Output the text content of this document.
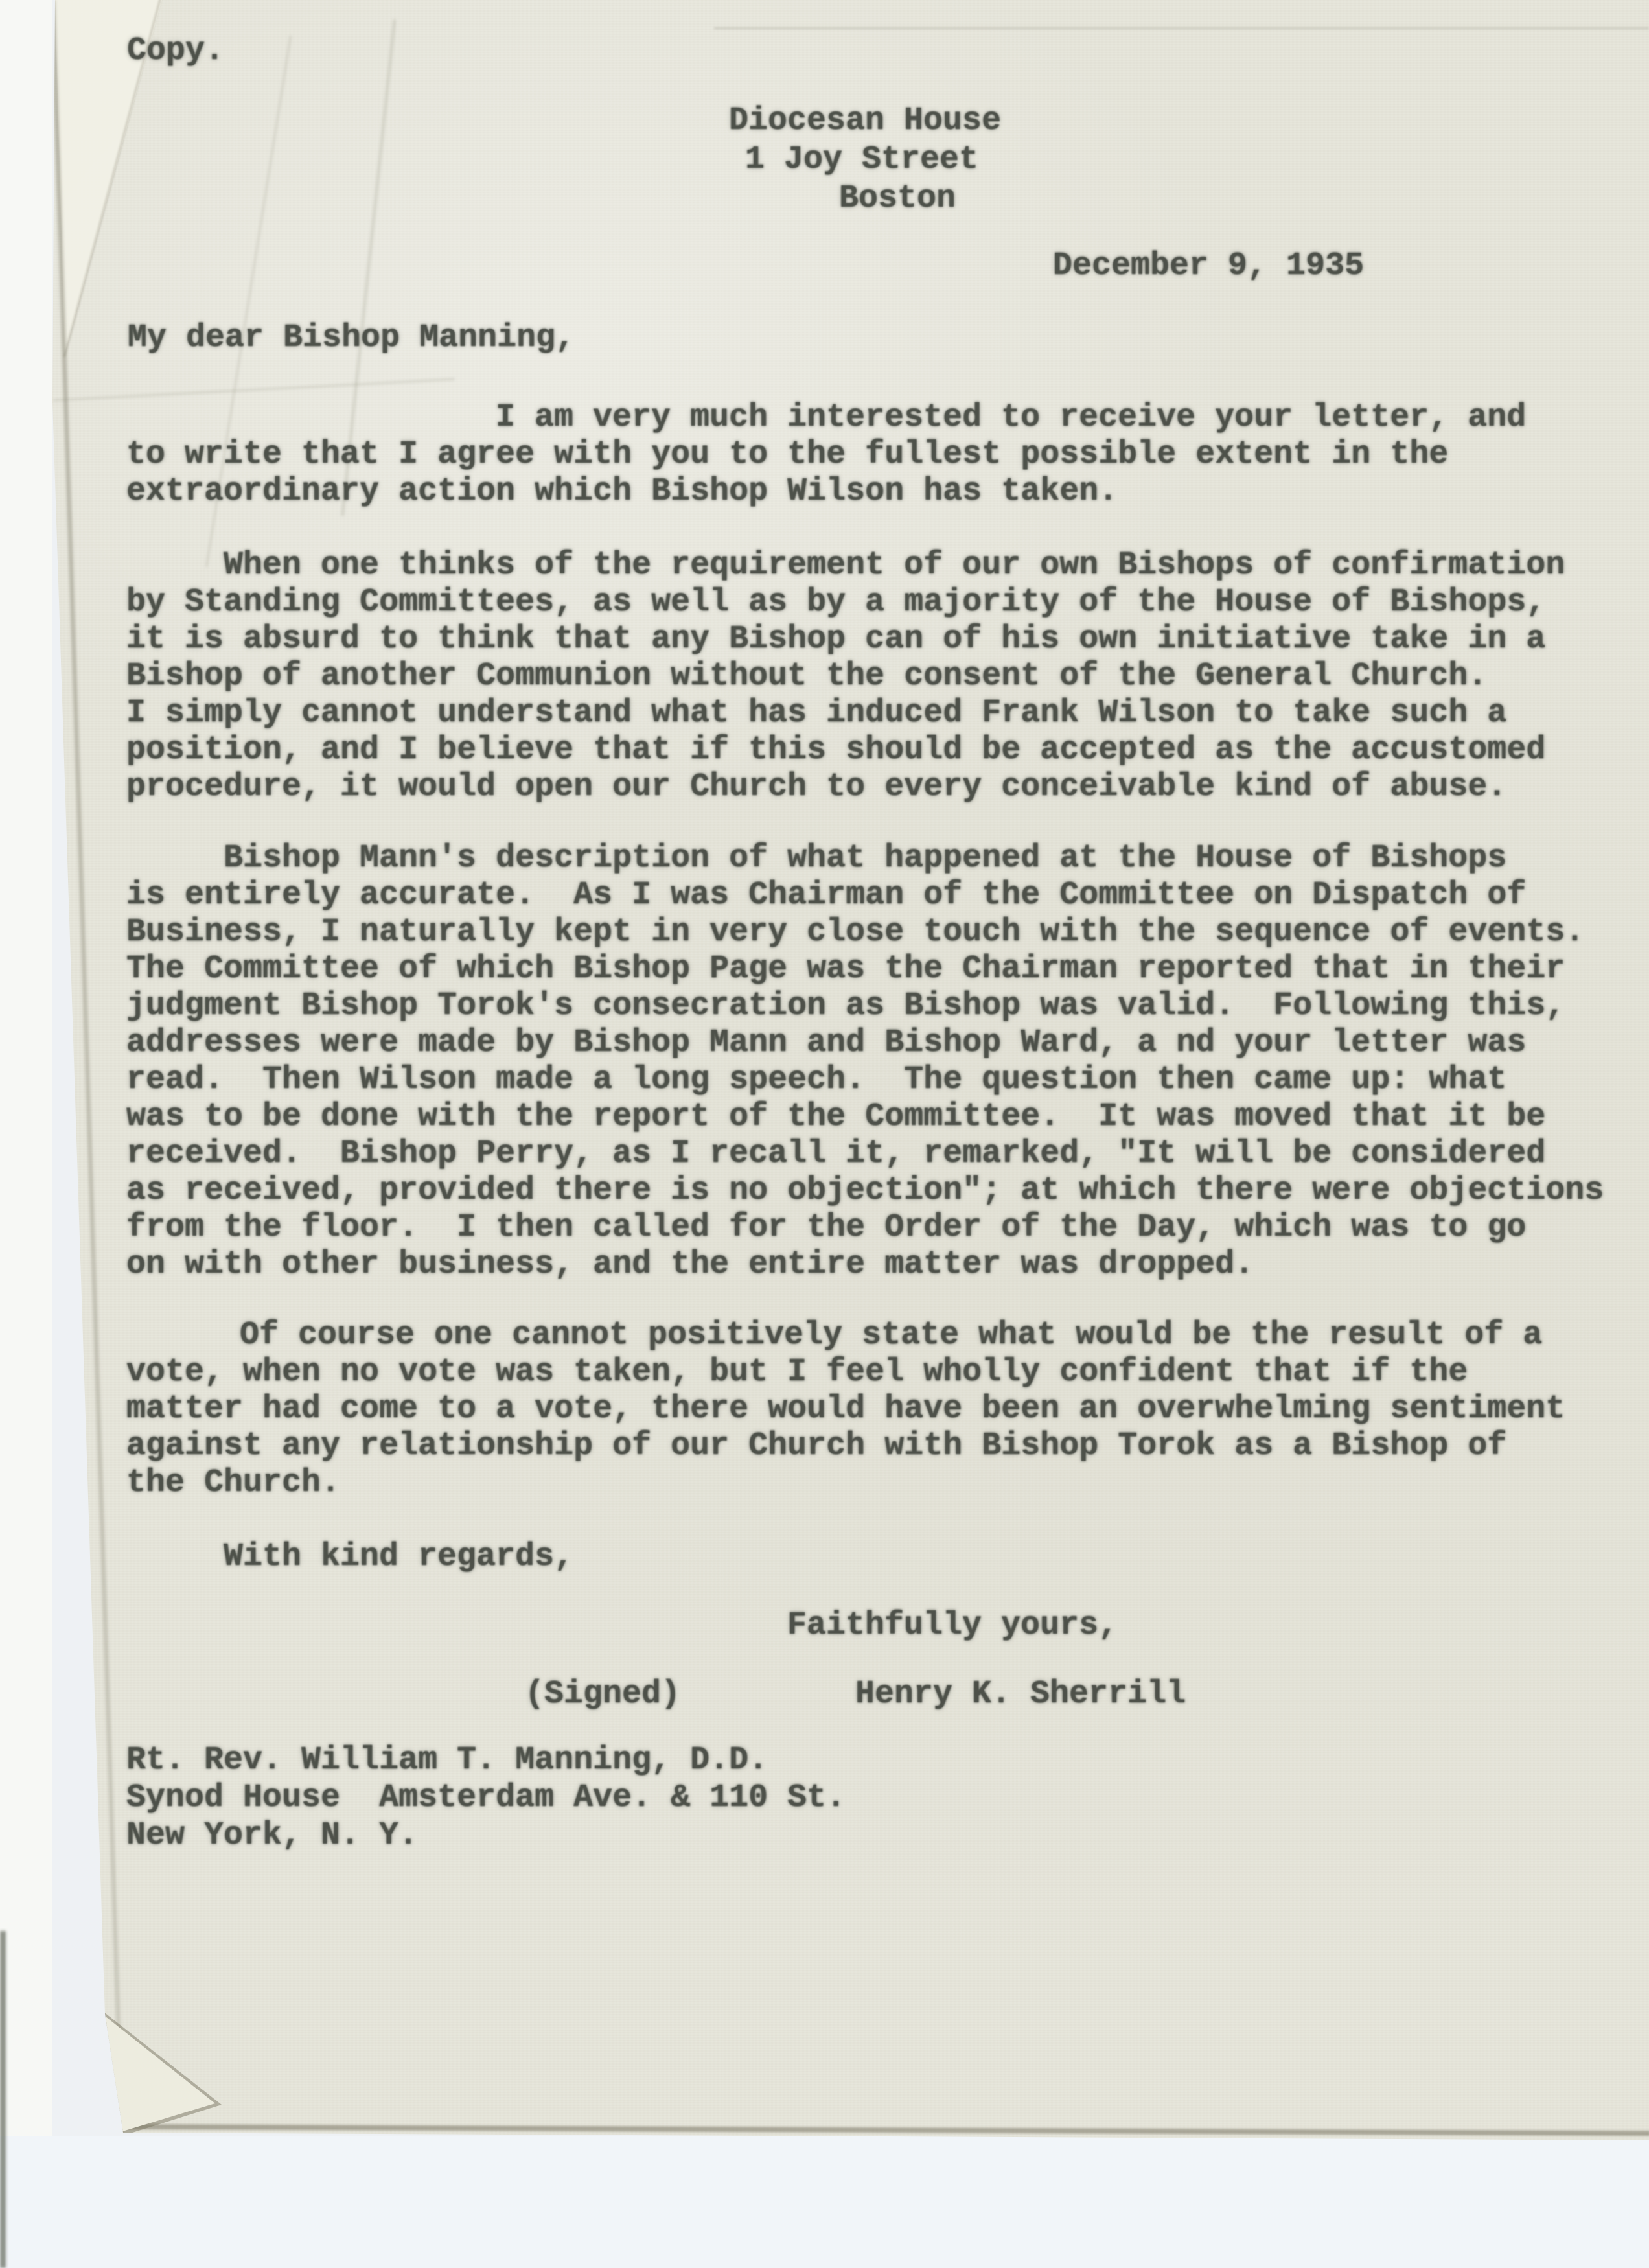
Copy.
Diocesan House
1 Joy Street
Boston
December 9, 1935
My dear Bishop Manning,
I am very much interested to receive your letter, and
to write that I agree with you to the fullest possible extent in the
extraordinary action which Bishop Wilson has taken.
When one thinks of the requirement of our own Bishops of confirmation
by Standing Committees, as well as by a majority of the House of Bishops,
it is absurd to think that any Bishop can of his own initiative take in a
Bishop of another Communion without the consent of the General Church.
I simply cannot understand what has induced Frank Wilson to take such a
position, and I believe that if this should be accepted as the accustomed
procedure, it would open our Church to every conceivable kind of abuse.
Bishop Mann's description of what happened at the House of Bishops
is entirely accurate.  As I was Chairman of the Committee on Dispatch of
Business, I naturally kept in very close touch with the sequence of events.
The Committee of which Bishop Page was the Chairman reported that in their
judgment Bishop Torok's consecration as Bishop was valid.  Following this,
addresses were made by Bishop Mann and Bishop Ward, a nd your letter was
read.  Then Wilson made a long speech.  The question then came up: what
was to be done with the report of the Committee.  It was moved that it be
received.  Bishop Perry, as I recall it, remarked, "It will be considered
as received, provided there is no objection"; at which there were objections
from the floor.  I then called for the Order of the Day, which was to go
on with other business, and the entire matter was dropped.
Of course one cannot positively state what would be the result of a
vote, when no vote was taken, but I feel wholly confident that if the
matter had come to a vote, there would have been an overwhelming sentiment
against any relationship of our Church with Bishop Torok as a Bishop of
the Church.
With kind regards,
Faithfully yours,
(Signed)	Henry K. Sherrill
Rt. Rev. William T. Manning, D.D.
Synod House  Amsterdam Ave. & 110 St.
New York, N. Y.
